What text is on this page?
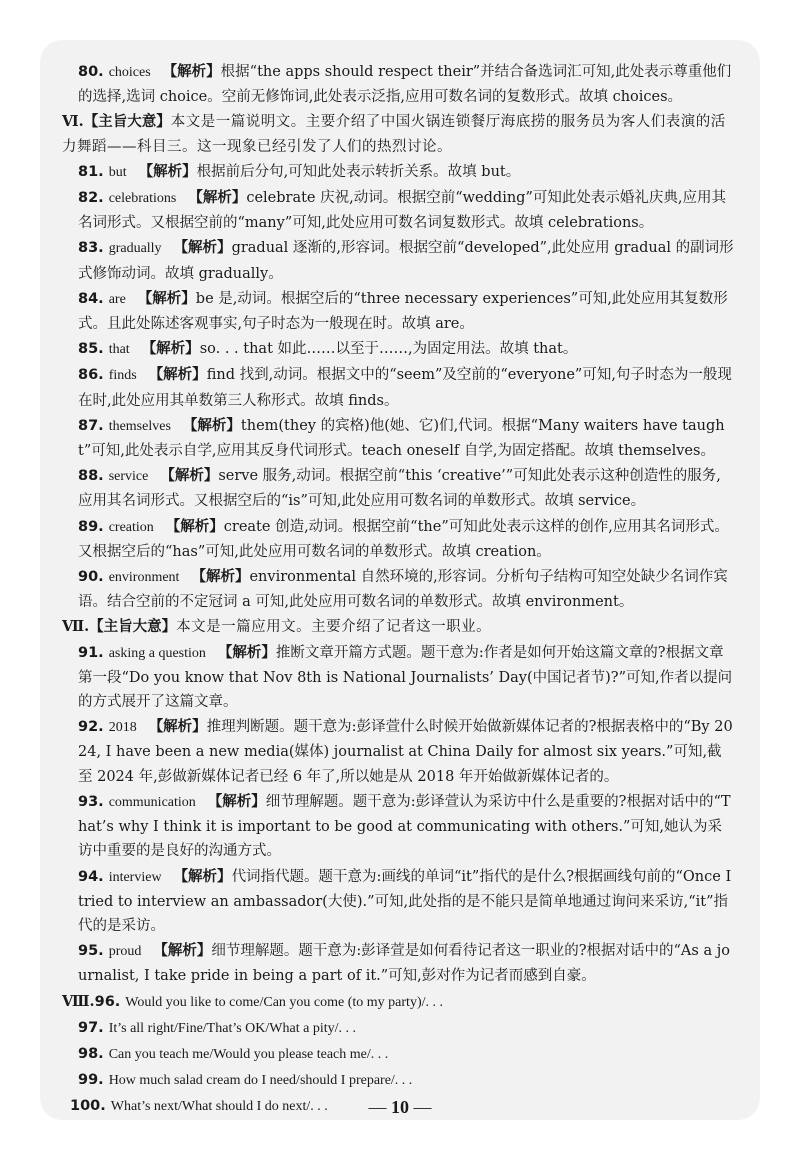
80. choices 【解析】根据“the apps should respect their”并结合备选词汇可知,此处表示尊重他们的选择,选词 choice。空前无修饰词,此处表示泛指,应用可数名词的复数形式。故填 choices。

Ⅵ.【主旨大意】本文是一篇说明文。主要介绍了中国火锅连锁餐厅海底捞的服务员为客人们表演的活力舞蹈——科目三。这一现象已经引发了人们的热烈讨论。

81. but 【解析】根据前后分句,可知此处表示转折关系。故填 but。

82. celebrations 【解析】celebrate 庆祝,动词。根据空前“wedding”可知此处表示婚礼庆典,应用其名词形式。又根据空前的“many”可知,此处应用可数名词复数形式。故填 celebrations。

83. gradually 【解析】gradual 逐渐的,形容词。根据空前“developed”,此处应用 gradual 的副词形式修饰动词。故填 gradually。

84. are 【解析】be 是,动词。根据空后的“three necessary experiences”可知,此处应用其复数形式。且此处陈述客观事实,句子时态为一般现在时。故填 are。

85. that 【解析】so. . . that 如此……以至于……,为固定用法。故填 that。

86. finds 【解析】find 找到,动词。根据文中的“seem”及空前的“everyone”可知,句子时态为一般现在时,此处应用其单数第三人称形式。故填 finds。

87. themselves 【解析】them(they 的宾格)他(她、它)们,代词。根据“Many waiters have taught”可知,此处表示自学,应用其反身代词形式。teach oneself 自学,为固定搭配。故填 themselves。

88. service 【解析】serve 服务,动词。根据空前“this ‘creative’”可知此处表示这种创造性的服务,应用其名词形式。又根据空后的“is”可知,此处应用可数名词的单数形式。故填 service。

89. creation 【解析】create 创造,动词。根据空前“the”可知此处表示这样的创作,应用其名词形式。又根据空后的“has”可知,此处应用可数名词的单数形式。故填 creation。

90. environment 【解析】environmental 自然环境的,形容词。分析句子结构可知空处缺少名词作宾语。结合空前的不定冠词 a 可知,此处应用可数名词的单数形式。故填 environment。

Ⅶ.【主旨大意】本文是一篇应用文。主要介绍了记者这一职业。

91. asking a question 【解析】推断文章开篇方式题。题干意为:作者是如何开始这篇文章的?根据文章第一段“Do you know that Nov 8th is National Journalists’ Day(中国记者节)?”可知,作者以提问的方式展开了这篇文章。

92. 2018 【解析】推理判断题。题干意为:彭译萱什么时候开始做新媒体记者的?根据表格中的“By 2024, I have been a new media(媒体) journalist at China Daily for almost six years.”可知,截至 2024 年,彭做新媒体记者已经 6 年了,所以她是从 2018 年开始做新媒体记者的。

93. communication 【解析】细节理解题。题干意为:彭译萱认为采访中什么是重要的?根据对话中的“That’s why I think it is important to be good at communicating with others.”可知,她认为采访中重要的是良好的沟通方式。

94. interview 【解析】代词指代题。题干意为:画线的单词“it”指代的是什么?根据画线句前的“Once I tried to interview an ambassador(大使).”可知,此处指的是不能只是简单地通过询问来采访,“it”指代的是采访。

95. proud 【解析】细节理解题。题干意为:彭译萱是如何看待记者这一职业的?根据对话中的“As a journalist, I take pride in being a part of it.”可知,彭对作为记者而感到自豪。

Ⅷ.96. Would you like to come/Can you come (to my party)/. . .

97. It’s all right/Fine/That’s OK/What a pity/. . .

98. Can you teach me/Would you please teach me/. . .

99. How much salad cream do I need/should I prepare/. . .

100. What’s next/What should I do next/. . .	— 10 —
